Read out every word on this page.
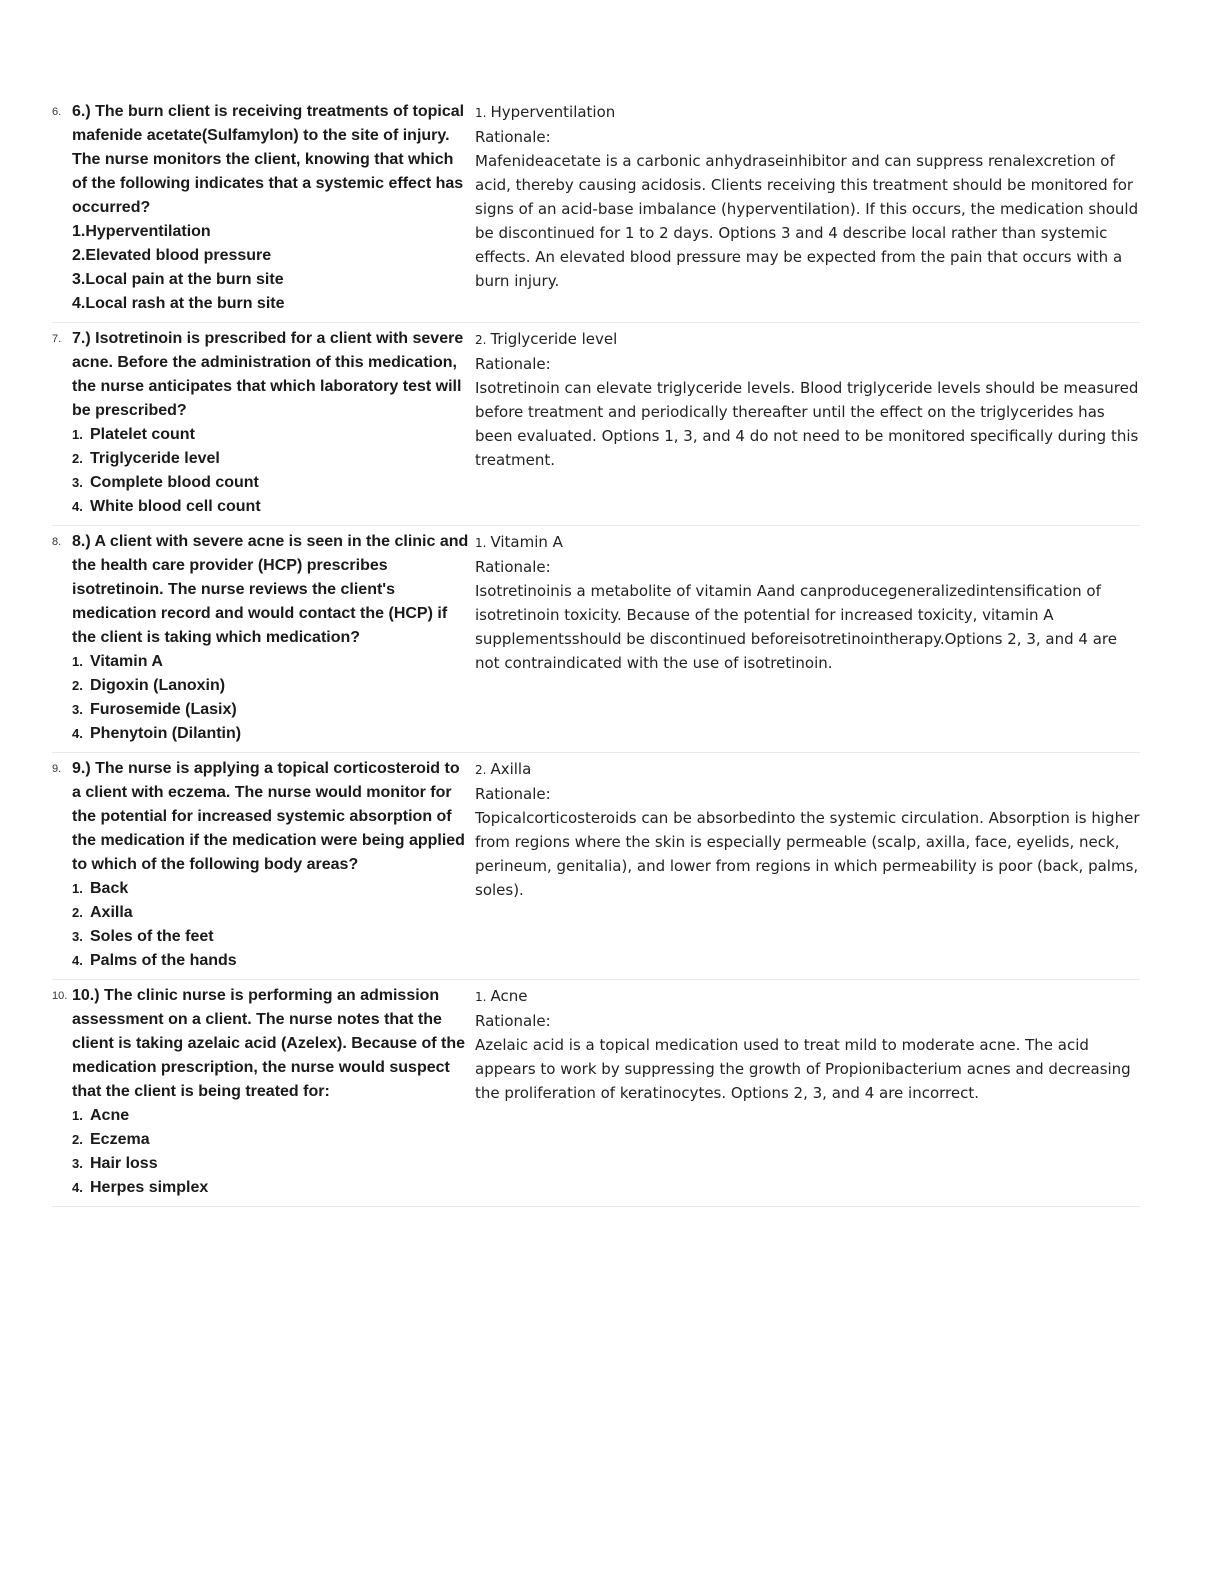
6. 6.) The burn client is receiving treatments of topical mafenide acetate(Sulfamylon) to the site of injury. The nurse monitors the client, knowing that which of the following indicates that a systemic effect has occurred?
1.Hyperventilation
2.Elevated blood pressure
3.Local pain at the burn site
4.Local rash at the burn site
1. Hyperventilation
Rationale:
Mafenideacetate is a carbonic anhydraseinhibitor and can suppress renalexcretion of acid, thereby causing acidosis. Clients receiving this treatment should be monitored for signs of an acid-base imbalance (hyperventilation). If this occurs, the medication should be discontinued for 1 to 2 days. Options 3 and 4 describe local rather than systemic effects. An elevated blood pressure may be expected from the pain that occurs with a burn injury.
7. 7.) Isotretinoin is prescribed for a client with severe acne. Before the administration of this medication, the nurse anticipates that which laboratory test will be prescribed?
1. Platelet count
2. Triglyceride level
3. Complete blood count
4. White blood cell count
2. Triglyceride level
Rationale:
Isotretinoin can elevate triglyceride levels. Blood triglyceride levels should be measured before treatment and periodically thereafter until the effect on the triglycerides has been evaluated. Options 1, 3, and 4 do not need to be monitored specifically during this treatment.
8. 8.) A client with severe acne is seen in the clinic and the health care provider (HCP) prescribes isotretinoin. The nurse reviews the client's medication record and would contact the (HCP) if the client is taking which medication?
1. Vitamin A
2. Digoxin (Lanoxin)
3. Furosemide (Lasix)
4. Phenytoin (Dilantin)
1. Vitamin A
Rationale:
Isotretinoinis a metabolite of vitamin Aand canproducegeneralizedintensification of isotretinoin toxicity. Because of the potential for increased toxicity, vitamin A supplementsshould be discontinued beforeisotretinointherapy.Options 2, 3, and 4 are not contraindicated with the use of isotretinoin.
9. 9.) The nurse is applying a topical corticosteroid to a client with eczema. The nurse would monitor for the potential for increased systemic absorption of the medication if the medication were being applied to which of the following body areas?
1. Back
2. Axilla
3. Soles of the feet
4. Palms of the hands
2. Axilla
Rationale:
Topicalcorticosteroids can be absorbedinto the systemic circulation. Absorption is higher from regions where the skin is especially permeable (scalp, axilla, face, eyelids, neck, perineum, genitalia), and lower from regions in which permeability is poor (back, palms, soles).
10. 10.) The clinic nurse is performing an admission assessment on a client. The nurse notes that the client is taking azelaic acid (Azelex). Because of the medication prescription, the nurse would suspect that the client is being treated for:
1. Acne
2. Eczema
3. Hair loss
4. Herpes simplex
1. Acne
Rationale:
Azelaic acid is a topical medication used to treat mild to moderate acne. The acid appears to work by suppressing the growth of Propionibacterium acnes and decreasing the proliferation of keratinocytes. Options 2, 3, and 4 are incorrect.
